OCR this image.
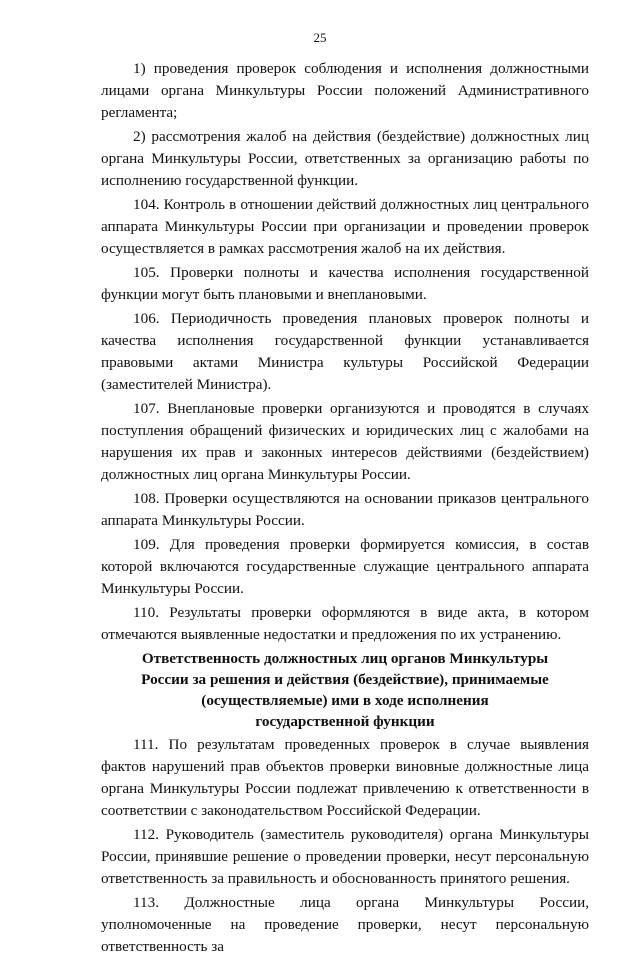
25

1) проведения проверок соблюдения и исполнения должностными лицами органа Минкультуры России положений Административного регламента;

2) рассмотрения жалоб на действия (бездействие) должностных лиц органа Минкультуры России, ответственных за организацию работы по исполнению государственной функции.

104. Контроль в отношении действий должностных лиц центрального аппарата Минкультуры России при организации и проведении проверок осуществляется в рамках рассмотрения жалоб на их действия.

105. Проверки полноты и качества исполнения государственной функции могут быть плановыми и внеплановыми.

106. Периодичность проведения плановых проверок полноты и качества исполнения государственной функции устанавливается правовыми актами Министра культуры Российской Федерации (заместителей Министра).

107. Внеплановые проверки организуются и проводятся в случаях поступления обращений физических и юридических лиц с жалобами на нарушения их прав и законных интересов действиями (бездействием) должностных лиц органа Минкультуры России.

108. Проверки осуществляются на основании приказов центрального аппарата Минкультуры России.

109. Для проведения проверки формируется комиссия, в состав которой включаются государственные служащие центрального аппарата Минкультуры России.

110. Результаты проверки оформляются в виде акта, в котором отмечаются выявленные недостатки и предложения по их устранению.

Ответственность должностных лиц органов Минкультуры
России за решения и действия (бездействие), принимаемые
(осуществляемые) ими в ходе исполнения
государственной функции

111. По результатам проведенных проверок в случае выявления фактов нарушений прав объектов проверки виновные должностные лица органа Минкультуры России подлежат привлечению к ответственности в соответствии с законодательством Российской Федерации.

112. Руководитель (заместитель руководителя) органа Минкультуры России, принявшие решение о проведении проверки, несут персональную ответственность за правильность и обоснованность принятого решения.

113. Должностные лица органа Минкультуры России, уполномоченные на проведение проверки, несут персональную ответственность за
